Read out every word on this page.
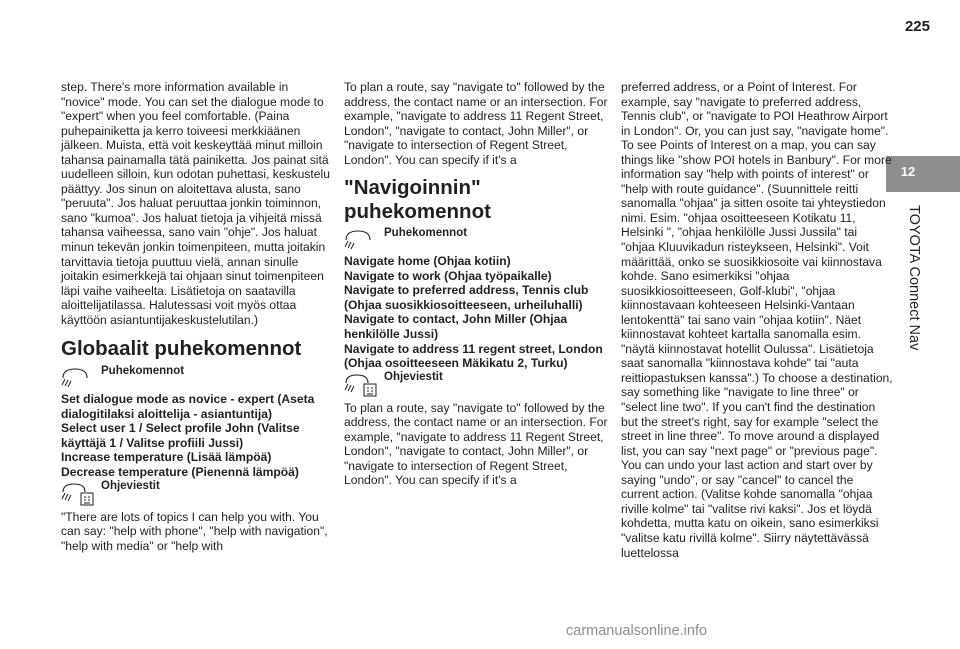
225
12
TOYOTA Connect Nav

step. There's more information available in "novice" mode. You can set the dialogue mode to "expert" when you feel comfortable. (Paina puhepainiketta ja kerro toiveesi merkkiäänen jälkeen. Muista, että voit keskeyttää minut milloin tahansa painamalla tätä painiketta. Jos painat sitä uudelleen silloin, kun odotan puhettasi, keskustelu päättyy. Jos sinun on aloitettava alusta, sano "peruuta". Jos haluat peruuttaa jonkin toiminnon, sano "kumoa". Jos haluat tietoja ja vihjeitä missä tahansa vaiheessa, sano vain "ohje". Jos haluat minun tekevän jonkin toimenpiteen, mutta joitakin tarvittavia tietoja puuttuu vielä, annan sinulle joitakin esimerkkejä tai ohjaan sinut toimenpiteen läpi vaihe vaiheelta. Lisätietoja on saatavilla aloittelijatilassa. Halutessasi voit myös ottaa käyttöön asiantuntijakeskustelutilan.)

Globaalit puhekomennot
Puhekomennot

Set dialogue mode as novice - expert (Aseta dialogitilaksi aloittelija - asiantuntija)

Select user 1 / Select profile John (Valitse käyttäjä 1 / Valitse profiili Jussi)

Increase temperature (Lisää lämpöä)

Decrease temperature (Pienennä lämpöä)

Ohjeviestit

"There are lots of topics I can help you with. You can say: "help with phone", "help with navigation", "help with media" or "help with

To plan a route, say "navigate to" followed by the address, the contact name or an intersection. For example, "navigate to address 11 Regent Street, London", "navigate to contact, John Miller", or "navigate to intersection of Regent Street, London". You can specify if it's a

"Navigoinnin" puhekomennot
Puhekomennot

Navigate home (Ohjaa kotiin)

Navigate to work (Ohjaa työpaikalle)

Navigate to preferred address, Tennis club (Ohjaa suosikkiosoitteeseen, urheiluhalli)

Navigate to contact, John Miller (Ohjaa henkilölle Jussi)

Navigate to address 11 regent street, London (Ohjaa osoitteeseen Mäkikatu 2, Turku)

Ohjeviestit

To plan a route, say "navigate to" followed by the address, the contact name or an intersection. For example, "navigate to address 11 Regent Street, London", "navigate to contact, John Miller", or "navigate to intersection of Regent Street, London". You can specify if it's a

preferred address, or a Point of Interest. For example, say "navigate to preferred address, Tennis club", or "navigate to POI Heathrow Airport in London". Or, you can just say, "navigate home". To see Points of Interest on a map, you can say things like "show POI hotels in Banbury". For more information say "help with points of interest" or "help with route guidance". (Suunnittele reitti sanomalla "ohjaa" ja sitten osoite tai yhteystiedon nimi. Esim. "ohjaa osoitteeseen Kotikatu 11, Helsinki ", "ohjaa henkilölle Jussi Jussila" tai "ohjaa Kluuvikadun risteykseen, Helsinki". Voit määrittää, onko se suosikkiosoite vai kiinnostava kohde. Sano esimerkiksi "ohjaa suosikkiosoitteeseen, Golf-klubi", "ohjaa kiinnostavaan kohteeseen Helsinki-Vantaan lentokenttä" tai sano vain "ohjaa kotiin". Näet kiinnostavat kohteet kartalla sanomalla esim. "näytä kiinnostavat hotellit Oulussa". Lisätietoja saat sanomalla "kiinnostava kohde" tai "auta reittiopastuksen kanssa".) To choose a destination, say something like "navigate to line three" or "select line two". If you can't find the destination but the street's right, say for example "select the street in line three". To move around a displayed list, you can say "next page" or "previous page". You can undo your last action and start over by saying "undo", or say "cancel" to cancel the current action. (Valitse kohde sanomalla "ohjaa riville kolme" tai "valitse rivi kaksi". Jos et löydä kohdetta, mutta katu on oikein, sano esimerkiksi "valitse katu rivillä kolme". Siirry näytettävässä luettelossa

carmanualsonline.info
